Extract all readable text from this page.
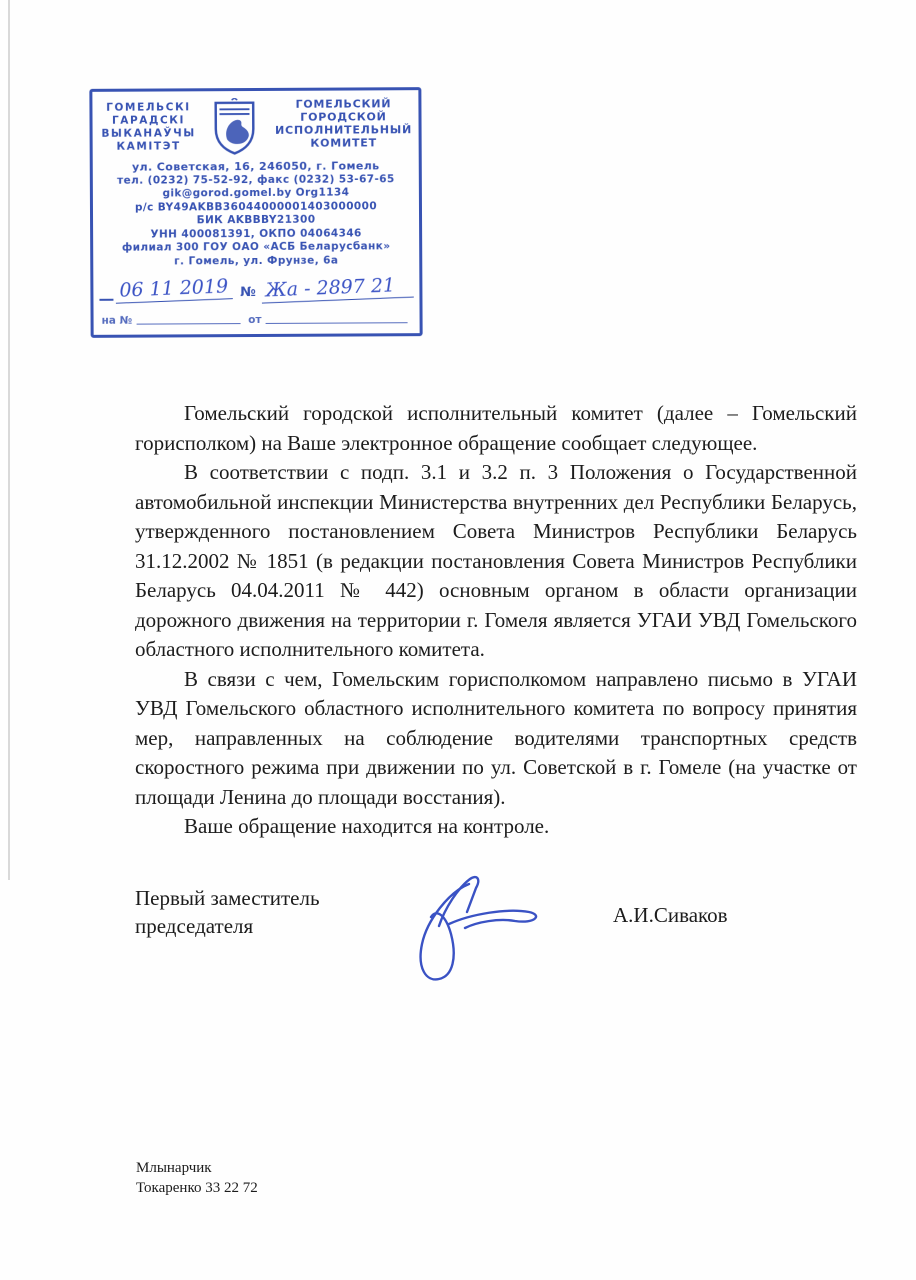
ГОМЕЛЬСКІ
ГАРАДСКІ
ВЫКАНАЎЧЫ
КАМІТЭТ
ГОМЕЛЬСКИЙ
ГОРОДСКОЙ
ИСПОЛНИТЕЛЬНЫЙ
КОМИТЕТ
ул. Советская, 16, 246050, г. Гомель
тел. (0232) 75-52-92, факс (0232) 53-67-65
gik@gorod.gomel.by Org1134
р/с BY49AKBB36044000001403000000
БИК AKBBBY21300
УНН 400081391, ОКПО 04064346
филиал 300 ГОУ ОАО «АСБ Беларусбанк»
г. Гомель, ул. Фрунзе, 6а
06 11 2019 № Жа - 2897 21
на №	от

Гомельский городской исполнительный комитет (далее – Гомельский горисполком) на Ваше электронное обращение сообщает следующее.

В соответствии с подп. 3.1 и 3.2 п. 3 Положения о Государственной автомобильной инспекции Министерства внутренних дел Республики Беларусь, утвержденного постановлением Совета Министров Республики Беларусь 31.12.2002 № 1851 (в редакции постановления Совета Министров Республики Беларусь 04.04.2011 № 442) основным органом в области организации дорожного движения на территории г. Гомеля является УГАИ УВД Гомельского областного исполнительного комитета.

В связи с чем, Гомельским горисполкомом направлено письмо в УГАИ УВД Гомельского областного исполнительного комитета по вопросу принятия мер, направленных на соблюдение водителями транспортных средств скоростного режима при движении по ул. Советской в г. Гомеле (на участке от площади Ленина до площади восстания).

Ваше обращение находится на контроле.

Первый заместитель
председателя	А.И.Сиваков
Млынарчик
Токаренко 33 22 72
